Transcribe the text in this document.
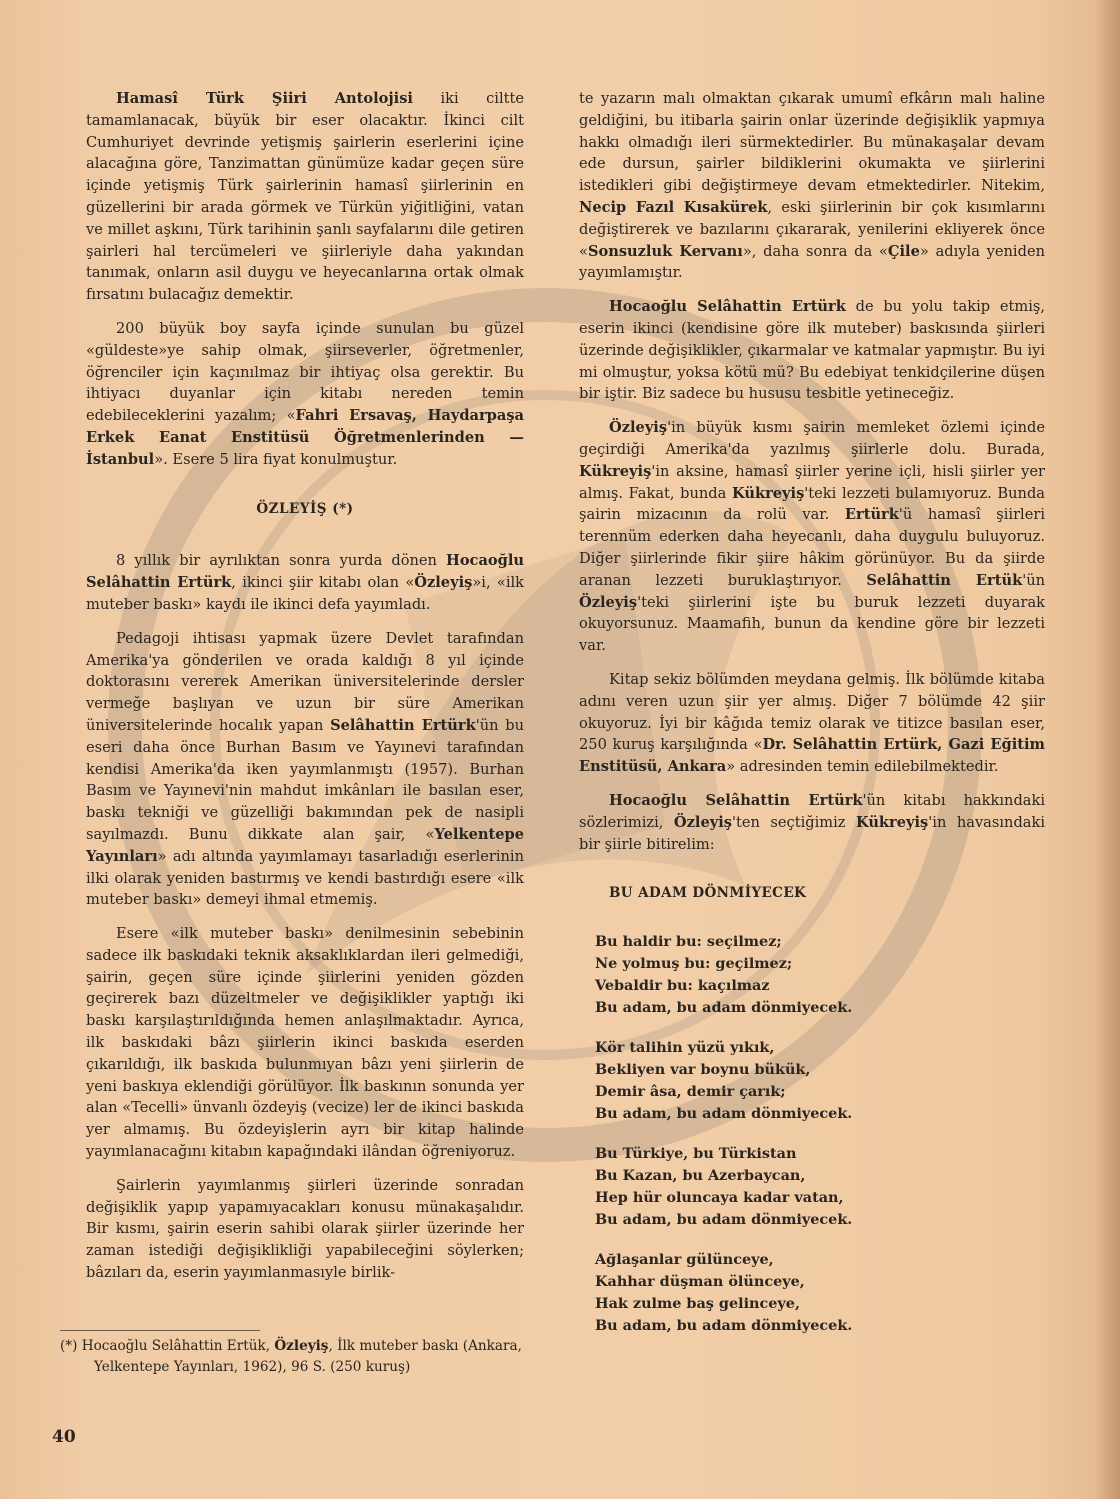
Hamasî Türk Şiiri Antolojisi iki ciltte tamamlanacak, büyük bir eser olacaktır. İkinci cilt Cumhuriyet devrinde yetişmiş şairlerin eserlerini içine alacağına göre, Tanzimattan günümüze kadar geçen süre içinde yetişmiş Türk şairlerinin hamasî şiirlerinin en güzellerini bir arada görmek ve Türkün yiğitliğini, vatan ve millet aşkını, Türk tarihinin şanlı sayfalarını dile getiren şairleri hal tercümeleri ve şiirleriyle daha yakından tanımak, onların asil duygu ve heyecanlarına ortak olmak fırsatını bulacağız demektir.

200 büyük boy sayfa içinde sunulan bu güzel «güldeste»ye sahip olmak, şiirseverler, öğretmenler, öğrenciler için kaçınılmaz bir ihtiyaç olsa gerektir. Bu ihtiyacı duyanlar için kitabı nereden temin edebileceklerini yazalım; «Fahri Ersavaş, Haydarpaşa Erkek Eanat Enstitüsü Öğretmenlerinden — İstanbul». Esere 5 lira fiyat konulmuştur.

ÖZLEYİŞ (*)

8 yıllık bir ayrılıktan sonra yurda dönen Hocaoğlu Selâhattin Ertürk, ikinci şiir kitabı olan «Özleyiş»i, «ilk muteber baskı» kaydı ile ikinci defa yayımladı.

Pedagoji ihtisası yapmak üzere Devlet tarafından Amerika'ya gönderilen ve orada kaldığı 8 yıl içinde doktorasını vererek Amerikan üniversitelerinde dersler vermeğe başlıyan ve uzun bir süre Amerikan üniversitelerinde hocalık yapan Selâhattin Ertürk'ün bu eseri daha önce Burhan Basım ve Yayınevi tarafından kendisi Amerika'da iken yayımlanmıştı (1957). Burhan Basım ve Yayınevi'nin mahdut imkânları ile basılan eser, baskı tekniği ve güzelliği bakımından pek de nasipli sayılmazdı. Bunu dikkate alan şair, «Yelkentepe Yayınları» adı altında yayımlamayı tasarladığı eserlerinin ilki olarak yeniden bastırmış ve kendi bastırdığı esere «ilk muteber baskı» demeyi ihmal etmemiş.

Esere «ilk muteber baskı» denilmesinin sebebinin sadece ilk baskıdaki teknik aksaklıklardan ileri gelmediği, şairin, geçen süre içinde şiirlerini yeniden gözden geçirerek bazı düzeltmeler ve değişiklikler yaptığı iki baskı karşılaştırıldığında hemen anlaşılmaktadır. Ayrıca, ilk baskıdaki bâzı şiirlerin ikinci baskıda eserden çıkarıldığı, ilk baskıda bulunmıyan bâzı yeni şiirlerin de yeni baskıya eklendiği görülüyor. İlk baskının sonunda yer alan «Tecelli» ünvanlı özdeyiş (vecize) ler de ikinci baskıda yer almamış. Bu özdeyişlerin ayrı bir kitap halinde yayımlanacağını kitabın kapağındaki ilândan öğreniyoruz.

Şairlerin yayımlanmış şiirleri üzerinde sonradan değişiklik yapıp yapamıyacakları konusu münakaşalıdır. Bir kısmı, şairin eserin sahibi olarak şiirler üzerinde her zaman istediği değişiklikliği yapabileceğini söylerken; bâzıları da, eserin yayımlanmasıyle birlik-

te yazarın malı olmaktan çıkarak umumî efkârın malı haline geldiğini, bu itibarla şairin onlar üzerinde değişiklik yapmıya hakkı olmadığı ileri sürmektedirler. Bu münakaşalar devam ede dursun, şairler bildiklerini okumakta ve şiirlerini istedikleri gibi değiştirmeye devam etmektedirler. Nitekim, Necip Fazıl Kısakürek, eski şiirlerinin bir çok kısımlarını değiştirerek ve bazılarını çıkararak, yenilerini ekliyerek önce «Sonsuzluk Kervanı», daha sonra da «Çile» adıyla yeniden yayımlamıştır.

Hocaoğlu Selâhattin Ertürk de bu yolu takip etmiş, eserin ikinci (kendisine göre ilk muteber) baskısında şiirleri üzerinde değişiklikler, çıkarmalar ve katmalar yapmıştır. Bu iyi mi olmuştur, yoksa kötü mü? Bu edebiyat tenkidçilerine düşen bir iştir. Biz sadece bu hususu tesbitle yetineceğiz.

Özleyiş'in büyük kısmı şairin memleket özlemi içinde geçirdiği Amerika'da yazılmış şiirlerle dolu. Burada, Kükreyiş'in aksine, hamasî şiirler yerine içli, hisli şiirler yer almış. Fakat, bunda Kükreyiş'teki lezzeti bulamıyoruz. Bunda şairin mizacının da rolü var. Ertürk'ü hamasî şiirleri terennüm ederken daha heyecanlı, daha duygulu buluyoruz. Diğer şiirlerinde fikir şiire hâkim görünüyor. Bu da şiirde aranan lezzeti buruklaştırıyor. Selâhattin Ertük'ün Özleyiş'teki şiirlerini işte bu buruk lezzeti duyarak okuyorsunuz. Maamafih, bunun da kendine göre bir lezzeti var.

Kitap sekiz bölümden meydana gelmiş. İlk bölümde kitaba adını veren uzun şiir yer almış. Diğer 7 bölümde 42 şiir okuyoruz. İyi bir kâğıda temiz olarak ve titizce basılan eser, 250 kuruş karşılığında «Dr. Selâhattin Ertürk, Gazi Eğitim Enstitüsü, Ankara» adresinden temin edilebilmektedir.

Hocaoğlu Selâhattin Ertürk'ün kitabı hakkındaki sözlerimizi, Özleyiş'ten seçtiğimiz Kükreyiş'in havasındaki bir şiirle bitirelim:

BU ADAM DÖNMİYECEK
Bu haldir bu: seçilmez;
Ne yolmuş bu: geçilmez;
Vebaldir bu: kaçılmaz
Bu adam, bu adam dönmiyecek.
Kör talihin yüzü yıkık,
Bekliyen var boynu bükük,
Demir âsa, demir çarık;
Bu adam, bu adam dönmiyecek.
Bu Türkiye, bu Türkistan
Bu Kazan, bu Azerbaycan,
Hep hür oluncaya kadar vatan,
Bu adam, bu adam dönmiyecek.
Ağlaşanlar gülünceye,
Kahhar düşman ölünceye,
Hak zulme baş gelinceye,
Bu adam, bu adam dönmiyecek.
(*) Hocaoğlu Selâhattin Ertük, Özleyiş, İlk muteber baskı (Ankara, Yelkentepe Yayınları, 1962), 96 S. (250 kuruş)
40
